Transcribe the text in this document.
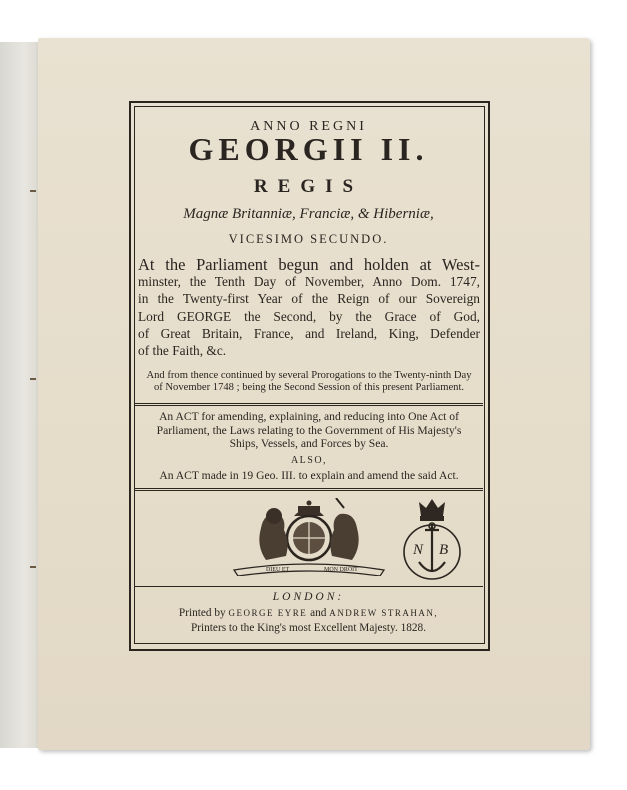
ANNO REGNI
GEORGII II.
REGIS
Magnæ Britanniæ, Franciæ, & Hiberniæ,
VICESIMO SECUNDO.
At the Parliament begun and holden at West-
minster, the Tenth Day of November, Anno Dom. 1747,
in the Twenty-first Year of the Reign of our Sovereign
Lord GEORGE the Second, by the Grace of God,
of Great Britain, France, and Ireland, King, Defender
of the Faith, &c.
And from thence continued by several Prorogations to the Twenty-ninth Day
of November 1748 ; being the Second Session of this present Parliament.
An ACT for amending, explaining, and reducing into One Act of
Parliament, the Laws relating to the Government of His Majesty's
Ships, Vessels, and Forces by Sea.
ALSO,
An ACT made in 19 Geo. III. to explain and amend the said Act.
DIEU ET	MON DROIT
N B
LONDON:
Printed by GEORGE EYRE and ANDREW STRAHAN,
Printers to the King's most Excellent Majesty. 1828.
